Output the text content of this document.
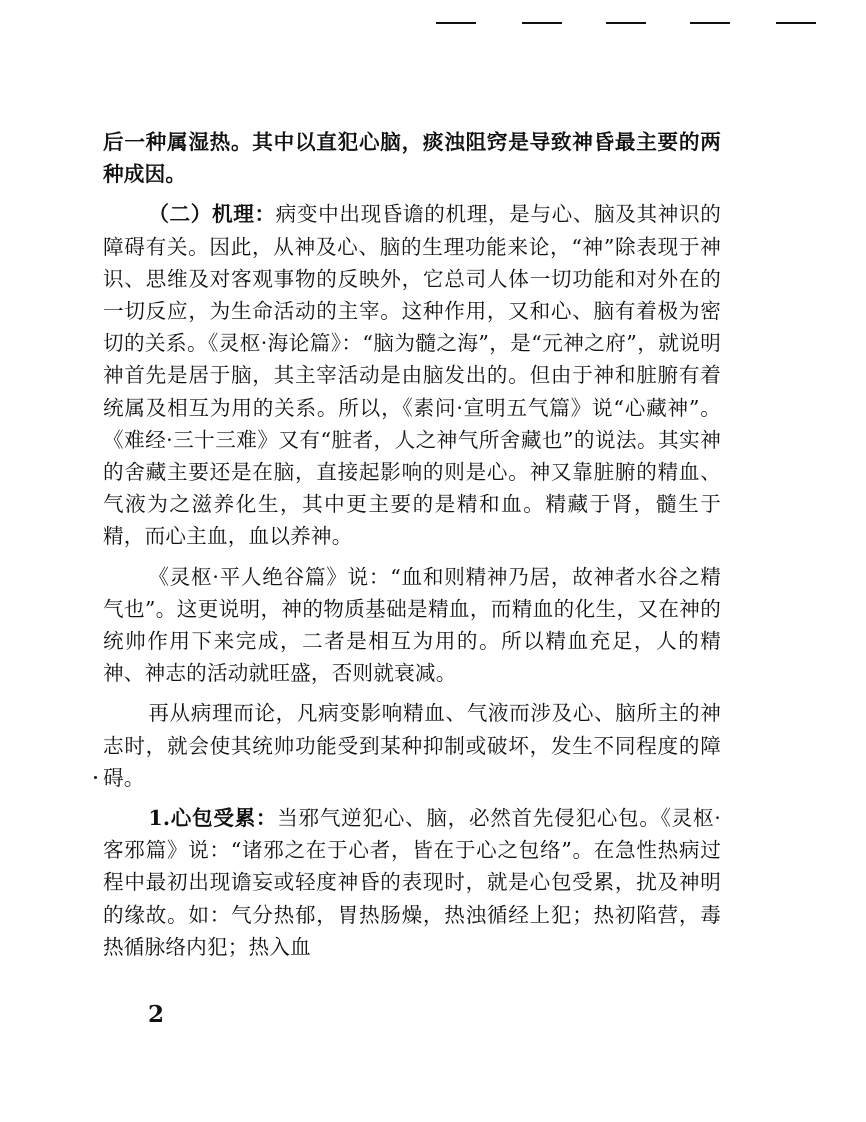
后一种属湿热。其中以直犯心脑，痰浊阻窍是导致神昏最主要的两种成因。

（二）机理：病变中出现昏谵的机理，是与心、脑及其神识的障碍有关。因此，从神及心、脑的生理功能来论，“神”除表现于神识、思维及对客观事物的反映外，它总司人体一切功能和对外在的一切反应，为生命活动的主宰。这种作用，又和心、脑有着极为密切的关系。《灵枢·海论篇》：“脑为髓之海”，是“元神之府”，就说明神首先是居于脑，其主宰活动是由脑发出的。但由于神和脏腑有着统属及相互为用的关系。所以，《素问·宣明五气篇》说“心藏神”。《难经·三十三难》又有“脏者，人之神气所舍藏也”的说法。其实神的舍藏主要还是在脑，直接起影响的则是心。神又靠脏腑的精血、气液为之滋养化生，其中更主要的是精和血。精藏于肾，髓生于精，而心主血，血以养神。

《灵枢·平人绝谷篇》说：“血和则精神乃居，故神者水谷之精气也”。这更说明，神的物质基础是精血，而精血的化生，又在神的统帅作用下来完成，二者是相互为用的。所以精血充足，人的精神、神志的活动就旺盛，否则就衰减。

再从病理而论，凡病变影响精血、气液而涉及心、脑所主的神志时，就会使其统帅功能受到某种抑制或破坏，发生不同程度的障碍。

1.心包受累：当邪气逆犯心、脑，必然首先侵犯心包。《灵枢·客邪篇》说：“诸邪之在于心者，皆在于心之包络”。在急性热病过程中最初出现谵妄或轻度神昏的表现时，就是心包受累，扰及神明的缘故。如：气分热郁，胃热肠燥，热浊循经上犯；热初陷营，毒热循脉络内犯；热入血

2
